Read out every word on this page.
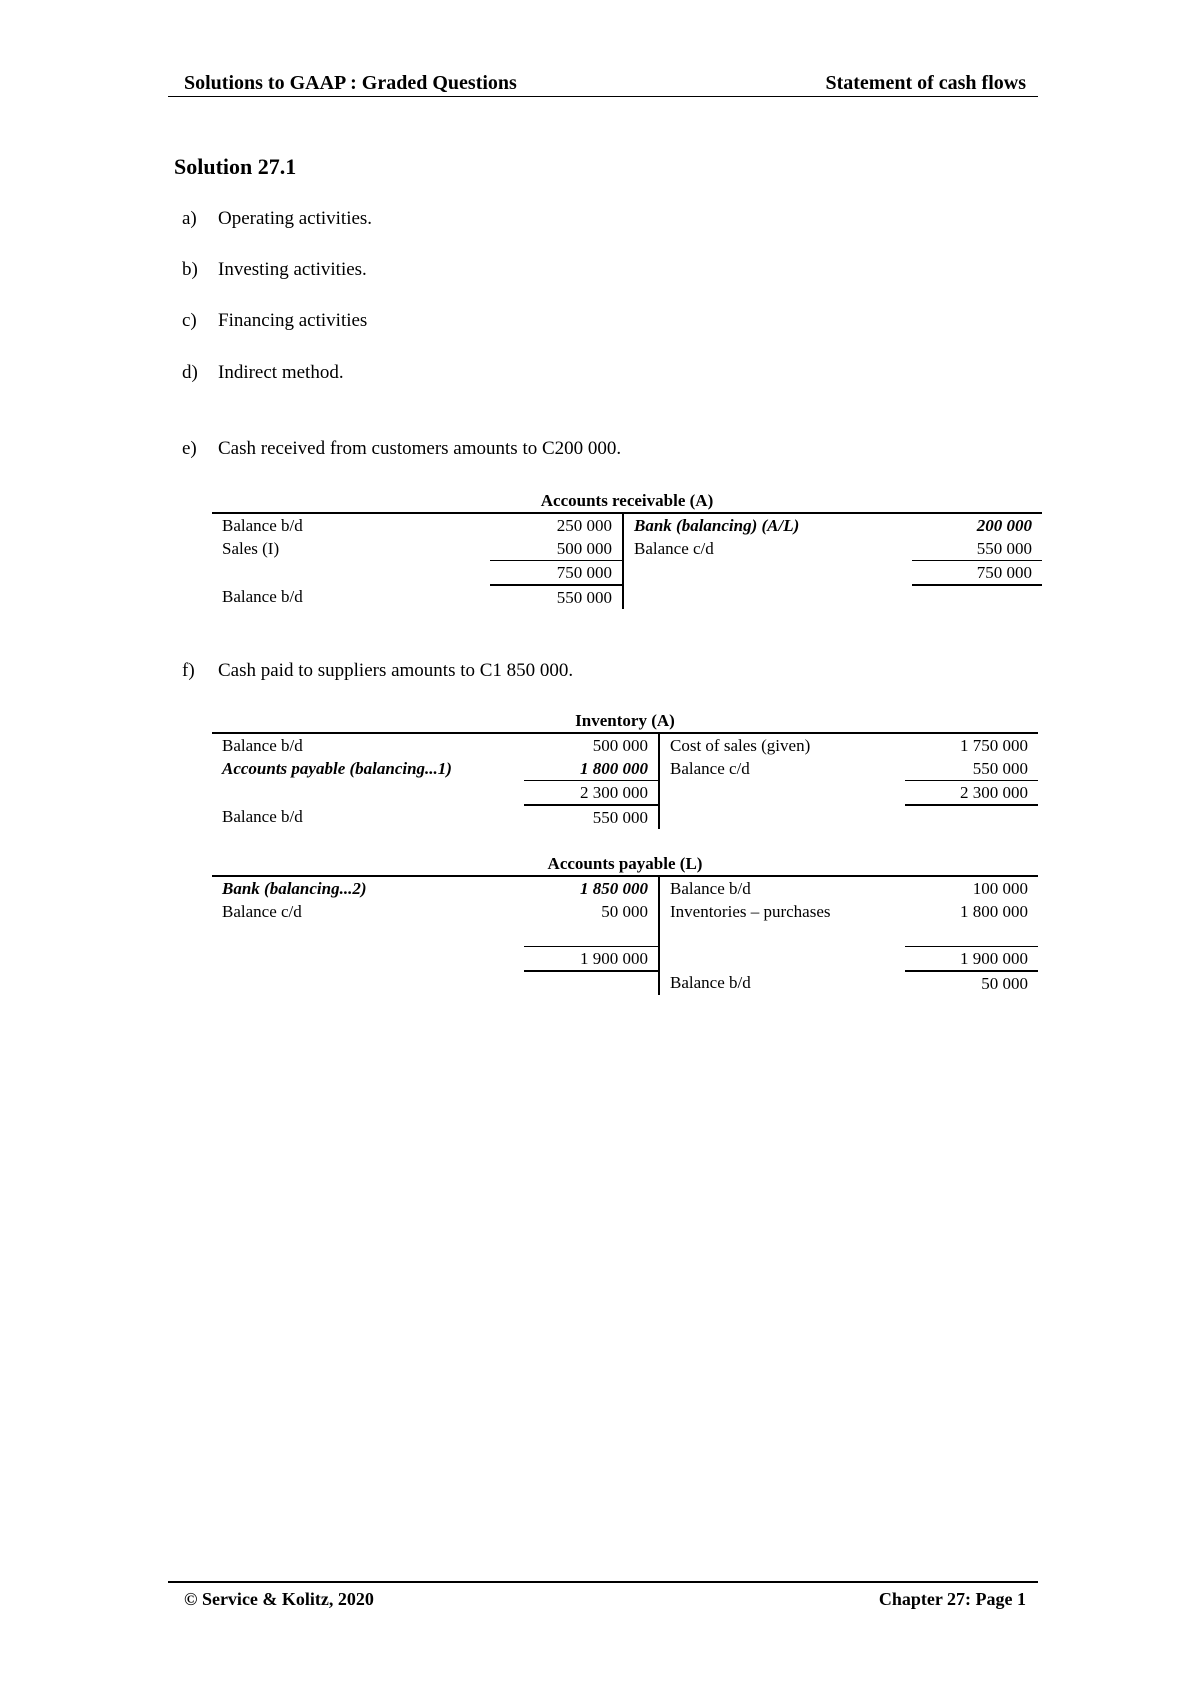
Solutions to GAAP : Graded Questions	Statement of cash flows
Solution 27.1
a) Operating activities.
b) Investing activities.
c) Financing activities
d) Indirect method.
e) Cash received from customers amounts to C200 000.
Accounts receivable (A)
Balance b/d	250 000	Bank (balancing) (A/L)	200 000
Sales (I)	500 000	Balance c/d	550 000
	750 000		750 000
Balance b/d	550 000		
f) Cash paid to suppliers amounts to C1 850 000.
Inventory (A)
Balance b/d	500 000	Cost of sales (given)	1 750 000
Accounts payable (balancing...1)	1 800 000	Balance c/d	550 000
	2 300 000		2 300 000
Balance b/d	550 000		
Accounts payable (L)
Bank (balancing...2)	1 850 000	Balance b/d	100 000
Balance c/d	50 000	Inventories – purchases	1 800 000

	1 900 000		1 900 000
		Balance b/d	50 000
© Service & Kolitz, 2020	Chapter 27: Page 1
